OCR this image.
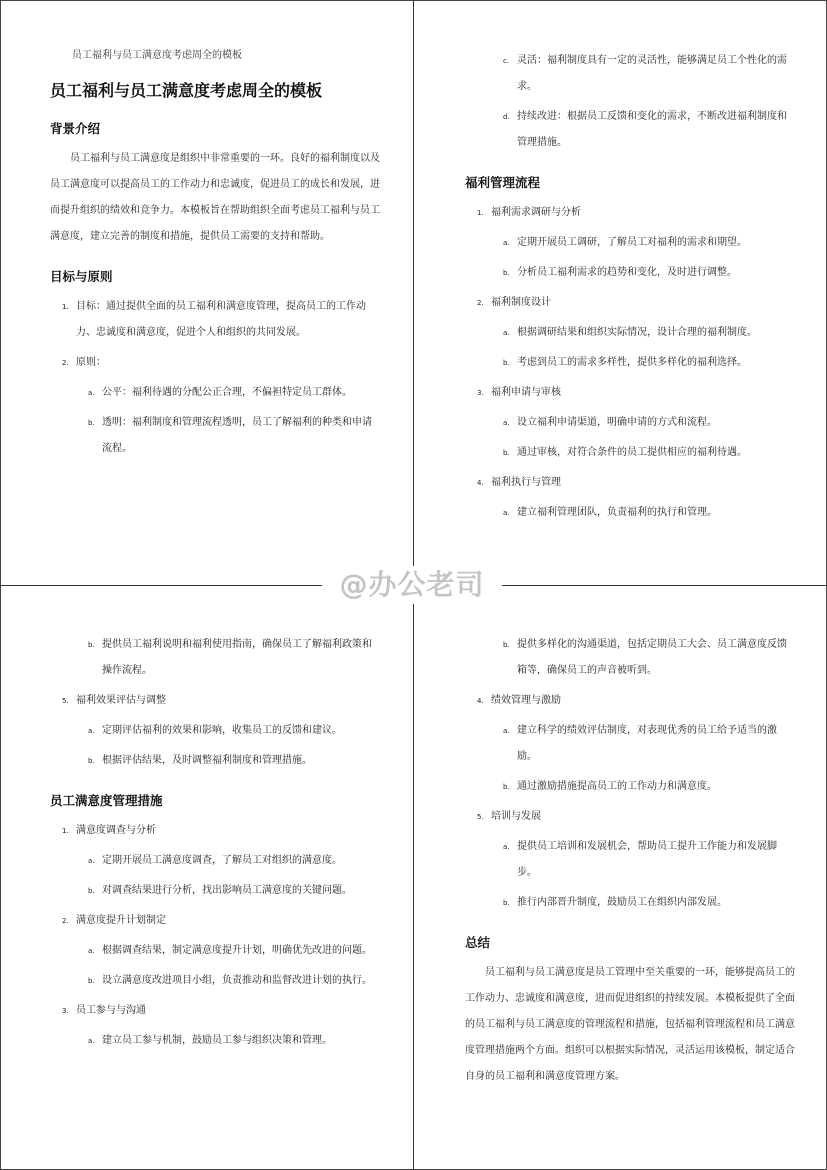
员工福利与员工满意度考虑周全的模板
员工福利与员工满意度考虑周全的模板
背景介绍

员工福利与员工满意度是组织中非常重要的一环。良好的福利制度以及员工满意度可以提高员工的工作动力和忠诚度，促进员工的成长和发展，进而提升组织的绩效和竞争力。本模板旨在帮助组织全面考虑员工福利与员工满意度，建立完善的制度和措施，提供员工需要的支持和帮助。

目标与原则
1. 目标：通过提供全面的员工福利和满意度管理，提高员工的工作动力、忠诚度和满意度，促进个人和组织的共同发展。
2. 原则：
a. 公平：福利待遇的分配公正合理，不偏袒特定员工群体。
b. 透明：福利制度和管理流程透明，员工了解福利的种类和申请流程。
c. 灵活：福利制度具有一定的灵活性，能够满足员工个性化的需求。
d. 持续改进：根据员工反馈和变化的需求，不断改进福利制度和管理措施。
福利管理流程
1. 福利需求调研与分析
a. 定期开展员工调研，了解员工对福利的需求和期望。
b. 分析员工福利需求的趋势和变化，及时进行调整。
2. 福利制度设计
a. 根据调研结果和组织实际情况，设计合理的福利制度。
b. 考虑到员工的需求多样性，提供多样化的福利选择。
3. 福利申请与审核
a. 设立福利申请渠道，明确申请的方式和流程。
b. 通过审核，对符合条件的员工提供相应的福利待遇。
4. 福利执行与管理
a. 建立福利管理团队，负责福利的执行和管理。
b. 提供员工福利说明和福利使用指南，确保员工了解福利政策和操作流程。
5. 福利效果评估与调整
a. 定期评估福利的效果和影响，收集员工的反馈和建议。
b. 根据评估结果，及时调整福利制度和管理措施。
员工满意度管理措施
1. 满意度调查与分析
a. 定期开展员工满意度调查，了解员工对组织的满意度。
b. 对调查结果进行分析，找出影响员工满意度的关键问题。
2. 满意度提升计划制定
a. 根据调查结果，制定满意度提升计划，明确优先改进的问题。
b. 设立满意度改进项目小组，负责推动和监督改进计划的执行。
3. 员工参与与沟通
a. 建立员工参与机制，鼓励员工参与组织决策和管理。
b. 提供多样化的沟通渠道，包括定期员工大会、员工满意度反馈箱等，确保员工的声音被听到。
4. 绩效管理与激励
a. 建立科学的绩效评估制度，对表现优秀的员工给予适当的激励。
b. 通过激励措施提高员工的工作动力和满意度。
5. 培训与发展
a. 提供员工培训和发展机会，帮助员工提升工作能力和发展脚步。
b. 推行内部晋升制度，鼓励员工在组织内部发展。
总结

员工福利与员工满意度是员工管理中至关重要的一环，能够提高员工的工作动力、忠诚度和满意度，进而促进组织的持续发展。本模板提供了全面的员工福利与员工满意度的管理流程和措施，包括福利管理流程和员工满意度管理措施两个方面。组织可以根据实际情况，灵活运用该模板，制定适合自身的员工福利和满意度管理方案。

@办公老司
